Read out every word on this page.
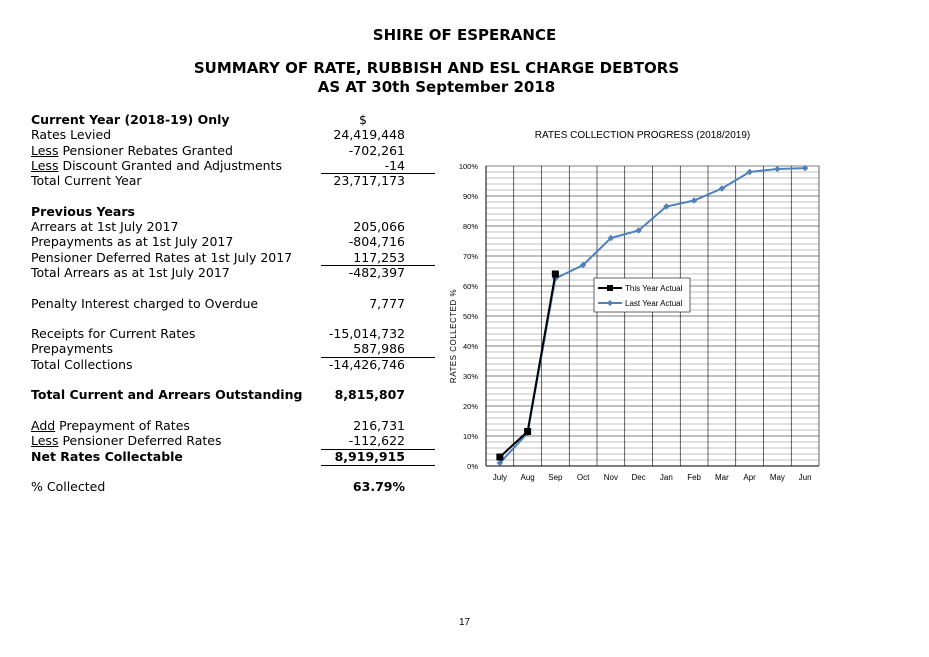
SHIRE OF ESPERANCE
SUMMARY OF RATE, RUBBISH AND ESL CHARGE DEBTORS
AS AT 30th September 2018
Current Year (2018-19) Only	$
Rates Levied	24,419,448
Less Pensioner Rebates Granted	-702,261
Less Discount Granted and Adjustments	-14
Total Current Year	23,717,173
Previous Years
Arrears at 1st July 2017	205,066
Prepayments as at 1st July 2017	-804,716
Pensioner Deferred Rates at 1st July 2017	117,253
Total Arrears as at 1st July 2017	-482,397
Penalty Interest charged to Overdue	7,777
Receipts for Current Rates	-15,014,732
Prepayments	587,986
Total Collections	-14,426,746
Total Current and Arrears Outstanding	8,815,807
Add Prepayment of Rates	216,731
Less Pensioner Deferred Rates	-112,622
Net Rates Collectable	8,919,915
% Collected	63.79%
RATES COLLECTION PROGRESS (2018/2019)
0%
10%
20%
30%
40%
50%
60%
70%
80%
90%
100%
July Aug Sep Oct Nov Dec Jan Feb Mar Apr May Jun
RATES COLLECTED %
This Year Actual
Last Year Actual
17
